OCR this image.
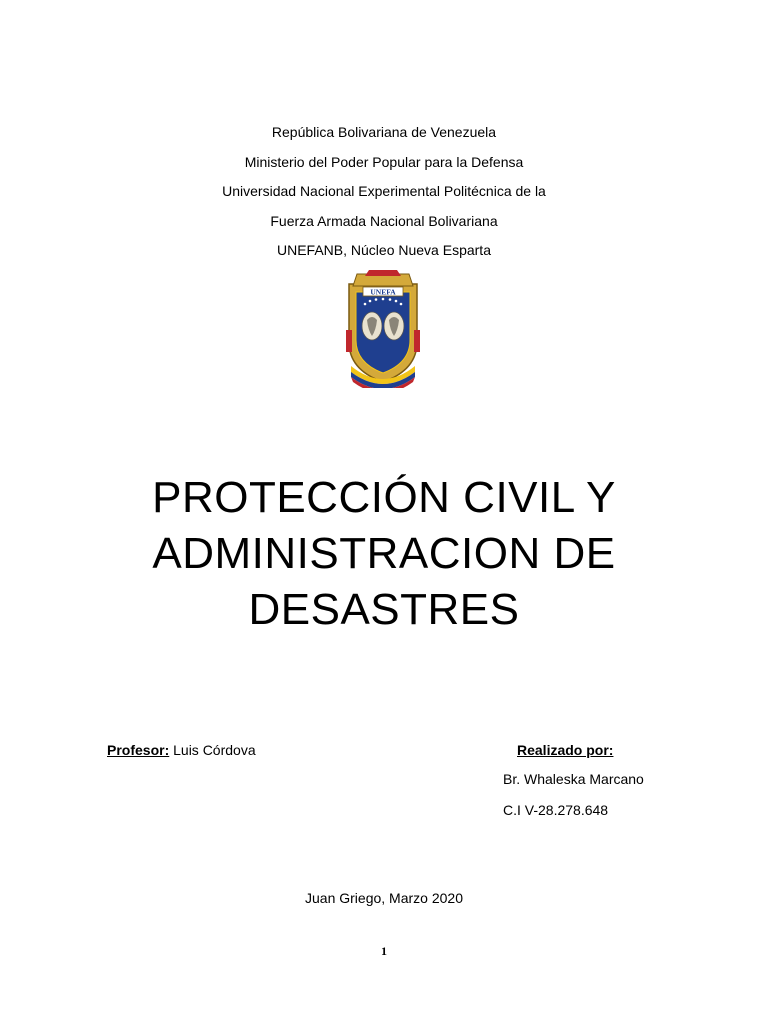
República Bolivariana de Venezuela
Ministerio del Poder Popular para la Defensa
Universidad Nacional Experimental Politécnica de la
Fuerza Armada Nacional Bolivariana
UNEFANB, Núcleo Nueva Esparta
UNEFA
PROTECCIÓN CIVIL Y
ADMINISTRACION DE
DESASTRES
Profesor: Luis Córdova	Realizado por:
Br. Whaleska Marcano
C.I V-28.278.648
Juan Griego, Marzo 2020
1
